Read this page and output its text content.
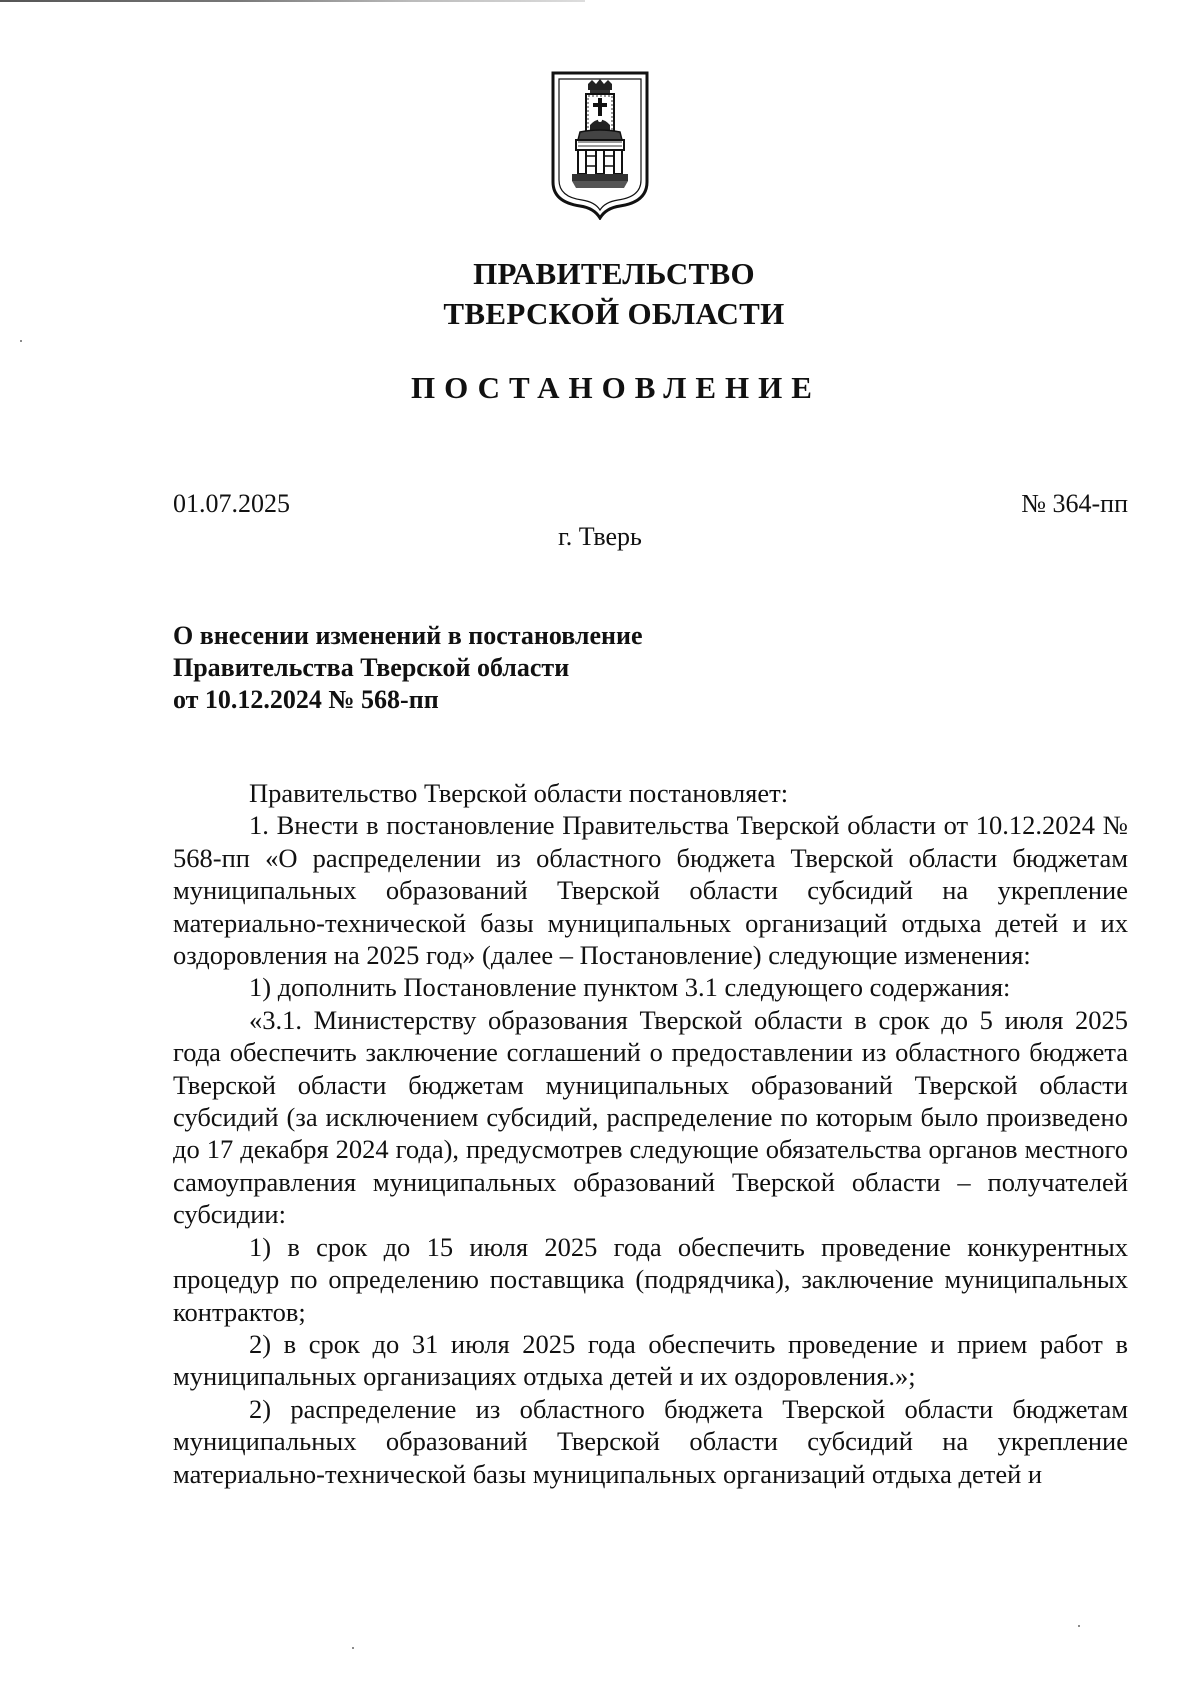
ПРАВИТЕЛЬСТВО
ТВЕРСКОЙ ОБЛАСТИ
ПОСТАНОВЛЕНИЕ
01.07.2025	№ 364-пп
г. Тверь
О внесении изменений в постановление
Правительства Тверской области
от 10.12.2024 № 568-пп

Правительство Тверской области постановляет:

1. Внести в постановление Правительства Тверской области от 10.12.2024 № 568-пп «О распределении из областного бюджета Тверской области бюджетам муниципальных образований Тверской области субсидий на укрепление материально-технической базы муниципальных организаций отдыха детей и их оздоровления на 2025 год» (далее – Постановление) следующие изменения:

1) дополнить Постановление пунктом 3.1 следующего содержания:

«3.1. Министерству образования Тверской области в срок до 5 июля 2025 года обеспечить заключение соглашений о предоставлении из областного бюджета Тверской области бюджетам муниципальных образований Тверской области субсидий (за исключением субсидий, распределение по которым было произведено до 17 декабря 2024 года), предусмотрев следующие обязательства органов местного самоуправления муниципальных образований Тверской области – получателей субсидии:

1) в срок до 15 июля 2025 года обеспечить проведение конкурентных процедур по определению поставщика (подрядчика), заключение муниципальных контрактов;

2) в срок до 31 июля 2025 года обеспечить проведение и прием работ в муниципальных организациях отдыха детей и их оздоровления.»;

2) распределение из областного бюджета Тверской области бюджетам муниципальных образований Тверской области субсидий на укрепление материально-технической базы муниципальных организаций отдыха детей и
